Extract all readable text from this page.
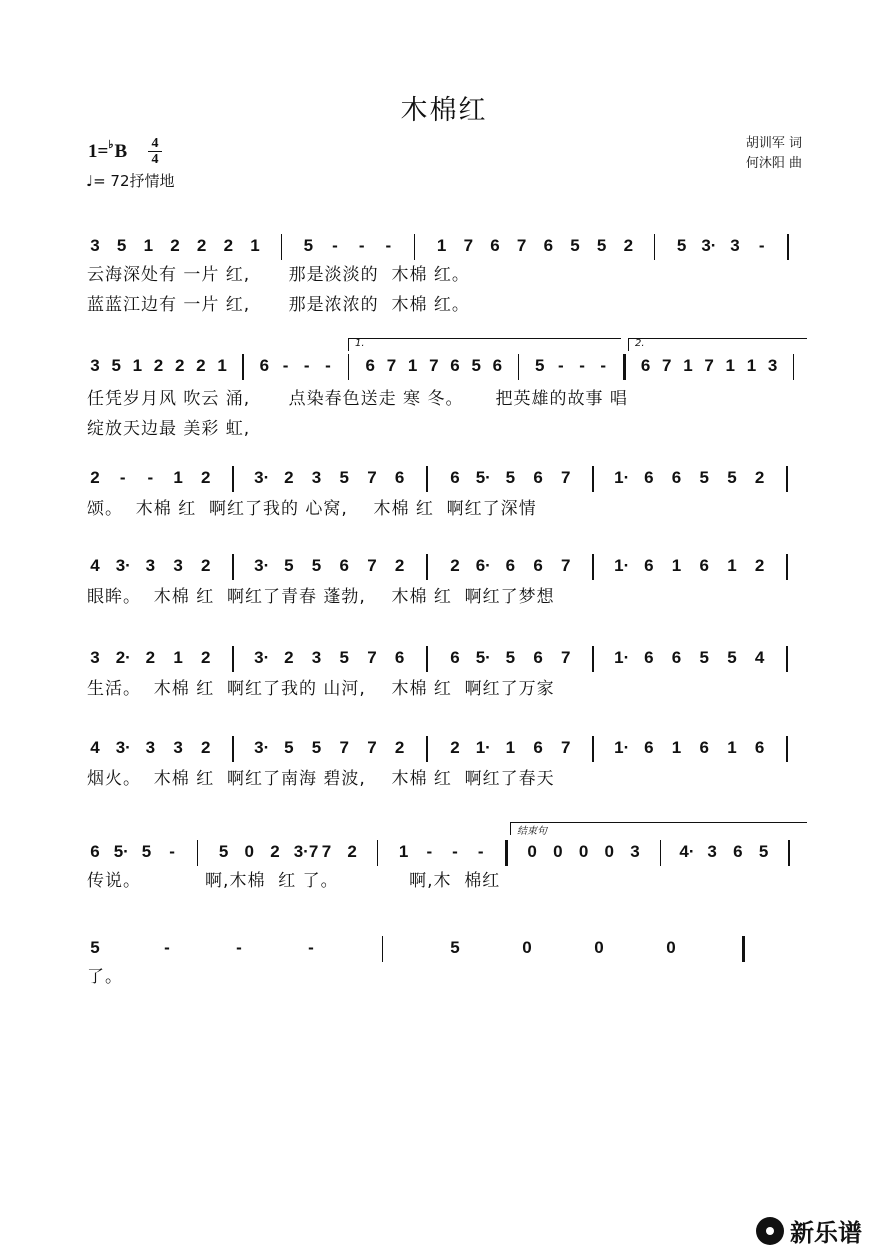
木棉红
1=♭B 4
4
♩= 72抒情地
胡训军 词
何沐阳 曲
3 5 1 2 2 2 1	5 - - -	1 7 6 7 6 5 5 2	5 3· 3 -
云海深处有 一片 红,      那是淡淡的  木棉 红。
蓝蓝江边有 一片 红,      那是浓浓的  木棉 红。
3 5 1 2 2 2 1 6 - - - 6 7 1 7 6 5 6 5 - - - 6 7 1 7 1 1 3
1.	2.
任凭岁月风 吹云 涌,      点染春色送走 寒 冬。     把英雄的故事 唱
绽放天边最 美彩 虹,
2 - - 1 2	3· 2 3 5 7 6	6 5· 5 6 7	1· 6 6 5 5 2
颂。  木棉 红  啊红了我的 心窝,    木棉 红  啊红了深情
4 3· 3 3 2	3· 5 5 6 7 2	2 6· 6 6 7	1· 6 1 6 1 2
眼眸。  木棉 红  啊红了青春 蓬勃,    木棉 红  啊红了梦想
3 2· 2 1 2	3· 2 3 5 7 6	6 5· 5 6 7	1· 6 6 5 5 4
生活。  木棉 红  啊红了我的 山河,    木棉 红  啊红了万家
4 3· 3 3 2	3· 5 5 7 7 2	2 1· 1 6 7	1· 6 1 6 1 6
烟火。  木棉 红  啊红了南海 碧波,    木棉 红  啊红了春天
6 5· 5 -	5 0 2 3·7 7 2 1 - - -	0 0 0 0 3 4· 3 6 5
结束句
传说。          啊,木棉  红 了。           啊,木  棉红
5	-	-	-	5	0	0	0
了。
新乐谱
